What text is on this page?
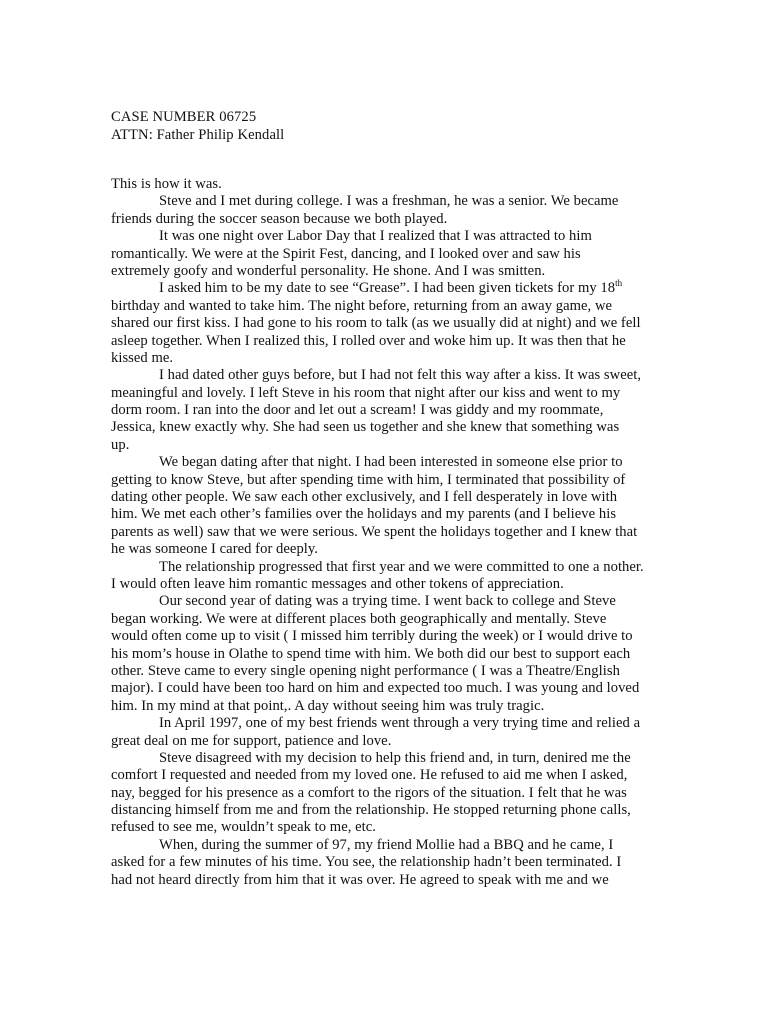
CASE NUMBER 06725
ATTN: Father Philip Kendall
This is how it was.
Steve and I met during college. I was a freshman, he was a senior. We became
friends during the soccer season because we both played.
It was one night over Labor Day that I realized that I was attracted to him
romantically. We were at the Spirit Fest, dancing, and I looked over and saw his
extremely goofy and wonderful personality. He shone. And I was smitten.
I asked him to be my date to see “Grease”. I had been given tickets for my 18th
birthday and wanted to take him. The night before, returning from an away game, we
shared our first kiss. I had gone to his room to talk (as we usually did at night) and we fell
asleep together. When I realized this, I rolled over and woke him up. It was then that he
kissed me.
I had dated other guys before, but I had not felt this way after a kiss. It was sweet,
meaningful and lovely. I left Steve in his room that night after our kiss and went to my
dorm room. I ran into the door and let out a scream! I was giddy and my roommate,
Jessica, knew exactly why. She had seen us together and she knew that something was
up.
We began dating after that night. I had been interested in someone else prior to
getting to know Steve, but after spending time with him, I terminated that possibility of
dating other people. We saw each other exclusively, and I fell desperately in love with
him. We met each other’s families over the holidays and my parents (and I believe his
parents as well) saw that we were serious. We spent the holidays together and I knew that
he was someone I cared for deeply.
The relationship progressed that first year and we were committed to one a nother.
I would often leave him romantic messages and other tokens of appreciation.
Our second year of dating was a trying time. I went back to college and Steve
began working. We were at different places both geographically and mentally. Steve
would often come up to visit ( I missed him terribly during the week) or I would drive to
his mom’s house in Olathe to spend time with him. We both did our best to support each
other. Steve came to every single opening night performance ( I was a Theatre/English
major). I could have been too hard on him and expected too much. I was young and loved
him. In my mind at that point,. A day without seeing him was truly tragic.
In April 1997, one of my best friends went through a very trying time and relied a
great deal on me for support, patience and love.
Steve disagreed with my decision to help this friend and, in turn, denired me the
comfort I requested and needed from my loved one. He refused to aid me when I asked,
nay, begged for his presence as a comfort to the rigors of the situation. I felt that he was
distancing himself from me and from the relationship. He stopped returning phone calls,
refused to see me, wouldn’t speak to me, etc.
When, during the summer of 97, my friend Mollie had a BBQ and he came, I
asked for a few minutes of his time. You see, the relationship hadn’t been terminated. I
had not heard directly from him that it was over. He agreed to speak with me and we
